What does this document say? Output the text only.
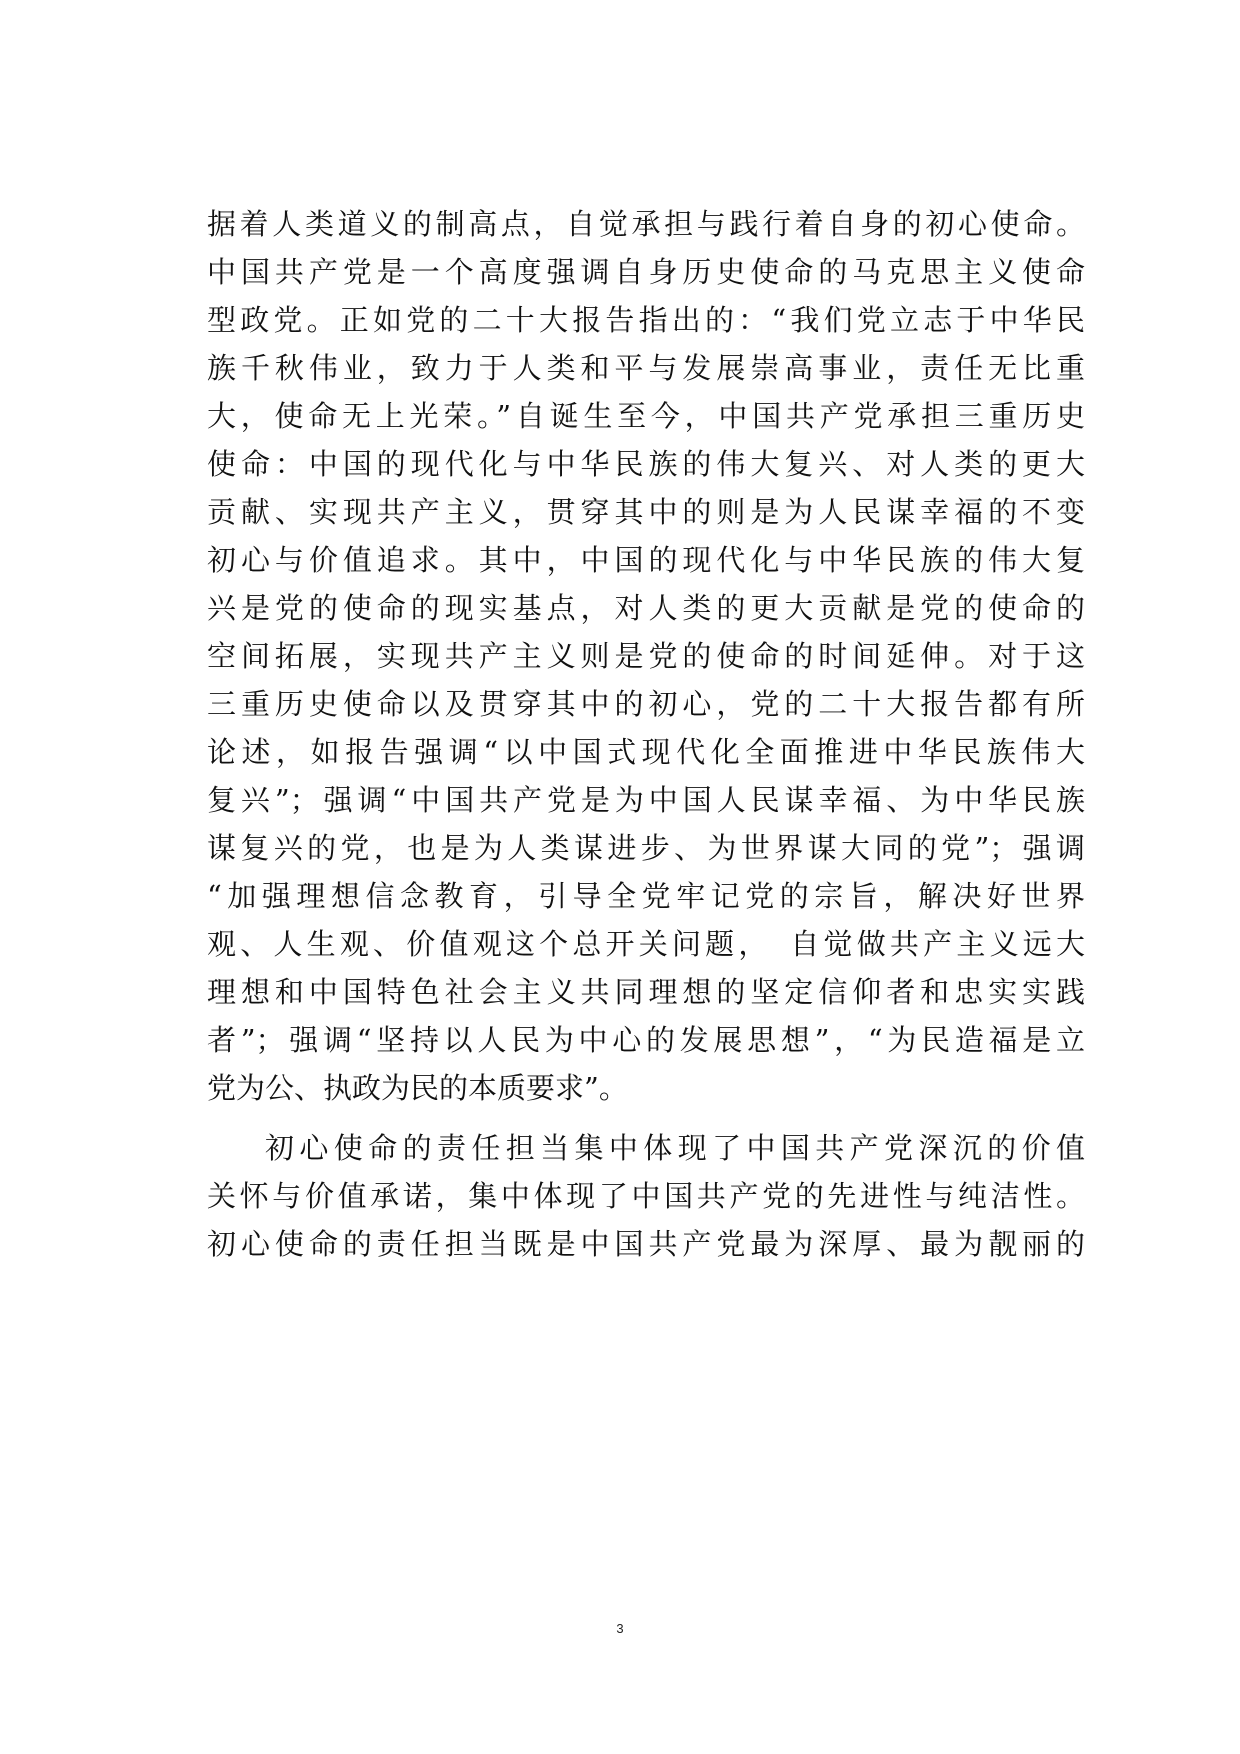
据着人类道义的制高点，自觉承担与践行着自身的初心使命。
中国共产党是一个高度强调自身历史使命的马克思主义使命
型政党。正如党的二十大报告指出的：“我们党立志于中华民
族千秋伟业，致力于人类和平与发展崇高事业，责任无比重
大，使命无上光荣。”自诞生至今，中国共产党承担三重历史
使命：中国的现代化与中华民族的伟大复兴、对人类的更大
贡献、实现共产主义，贯穿其中的则是为人民谋幸福的不变
初心与价值追求。其中，中国的现代化与中华民族的伟大复
兴是党的使命的现实基点，对人类的更大贡献是党的使命的
空间拓展，实现共产主义则是党的使命的时间延伸。对于这
三重历史使命以及贯穿其中的初心，党的二十大报告都有所
论述，如报告强调“以中国式现代化全面推进中华民族伟大
复兴”；强调“中国共产党是为中国人民谋幸福、为中华民族
谋复兴的党，也是为人类谋进步、为世界谋大同的党”；强调
“加强理想信念教育，引导全党牢记党的宗旨，解决好世界
观、人生观、价值观这个总开关问题，　自觉做共产主义远大
理想和中国特色社会主义共同理想的坚定信仰者和忠实实践
者”；强调“坚持以人民为中心的发展思想”，“为民造福是立
党为公、执政为民的本质要求”。
初心使命的责任担当集中体现了中国共产党深沉的价值
关怀与价值承诺，集中体现了中国共产党的先进性与纯洁性。
初心使命的责任担当既是中国共产党最为深厚、最为靓丽的
3
